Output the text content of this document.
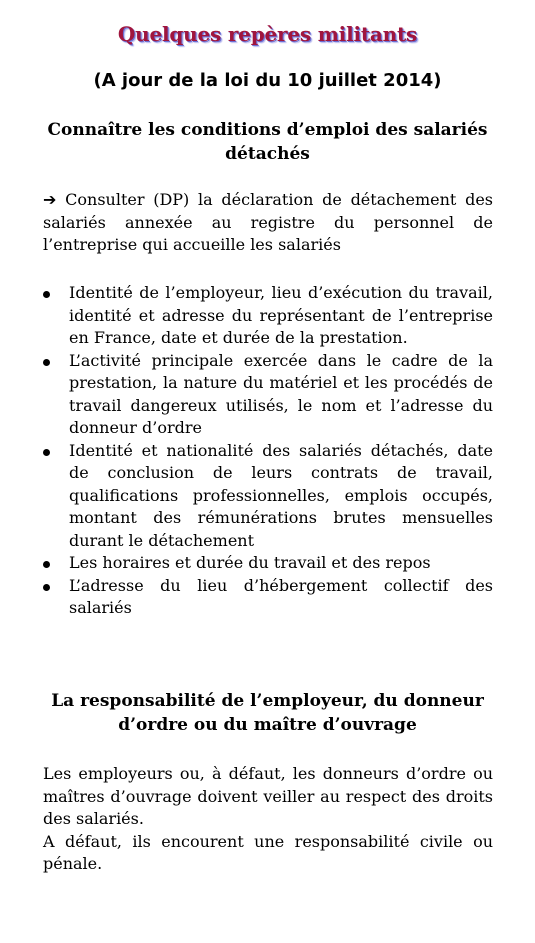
Quelques repères militants
(A jour de la loi du 10 juillet 2014)
Connaître les conditions d’emploi des salariés détachés
➔ Consulter (DP) la déclaration de détachement des salariés annexée au registre du personnel de l’entreprise qui accueille les salariés
Identité de l’employeur, lieu d’exécution du travail, identité et adresse du représentant de l’entreprise en France, date et durée de la prestation.
L’activité principale exercée dans le cadre de la prestation, la nature du matériel et les procédés de travail dangereux utilisés, le nom et l’adresse du donneur d’ordre
Identité et nationalité des salariés détachés, date de conclusion de leurs contrats de travail, qualifications professionnelles, emplois occupés, montant des rémunérations brutes mensuelles durant le détachement
Les horaires et durée du travail et des repos
L’adresse du lieu d’hébergement collectif des salariés
La responsabilité de l’employeur, du donneur d’ordre ou du maître d’ouvrage
Les employeurs ou, à défaut, les donneurs d’ordre ou maîtres d’ouvrage doivent veiller au respect des droits des salariés.
A défaut, ils encourent une responsabilité civile ou pénale.
